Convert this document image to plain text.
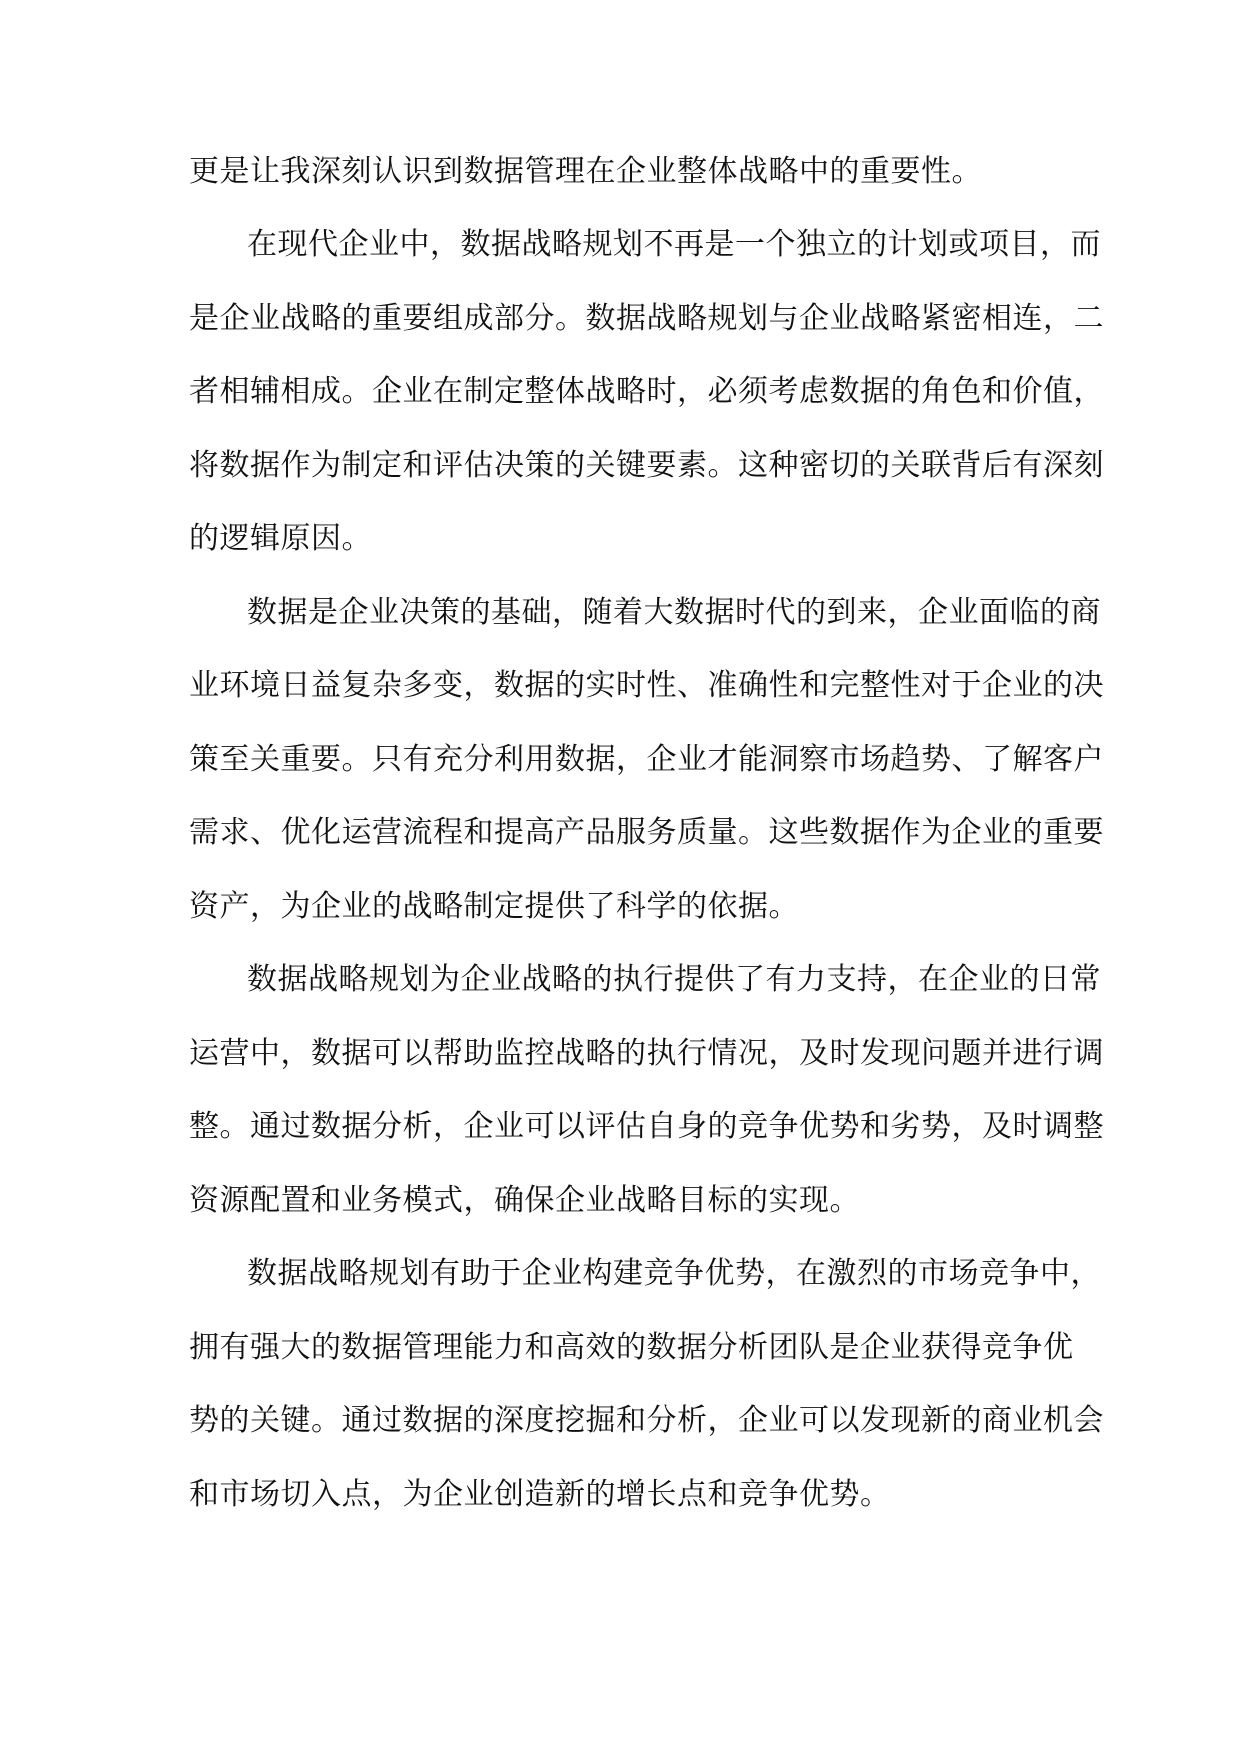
更是让我深刻认识到数据管理在企业整体战略中的重要性。
在现代企业中，数据战略规划不再是一个独立的计划或项目，而
是企业战略的重要组成部分。数据战略规划与企业战略紧密相连，二
者相辅相成。企业在制定整体战略时，必须考虑数据的角色和价值，
将数据作为制定和评估决策的关键要素。这种密切的关联背后有深刻
的逻辑原因。
数据是企业决策的基础，随着大数据时代的到来，企业面临的商
业环境日益复杂多变，数据的实时性、准确性和完整性对于企业的决
策至关重要。只有充分利用数据，企业才能洞察市场趋势、了解客户
需求、优化运营流程和提高产品服务质量。这些数据作为企业的重要
资产，为企业的战略制定提供了科学的依据。
数据战略规划为企业战略的执行提供了有力支持，在企业的日常
运营中，数据可以帮助监控战略的执行情况，及时发现问题并进行调
整。通过数据分析，企业可以评估自身的竞争优势和劣势，及时调整
资源配置和业务模式，确保企业战略目标的实现。
数据战略规划有助于企业构建竞争优势，在激烈的市场竞争中，
拥有强大的数据管理能力和高效的数据分析团队是企业获得竞争优
势的关键。通过数据的深度挖掘和分析，企业可以发现新的商业机会
和市场切入点，为企业创造新的增长点和竞争优势。
